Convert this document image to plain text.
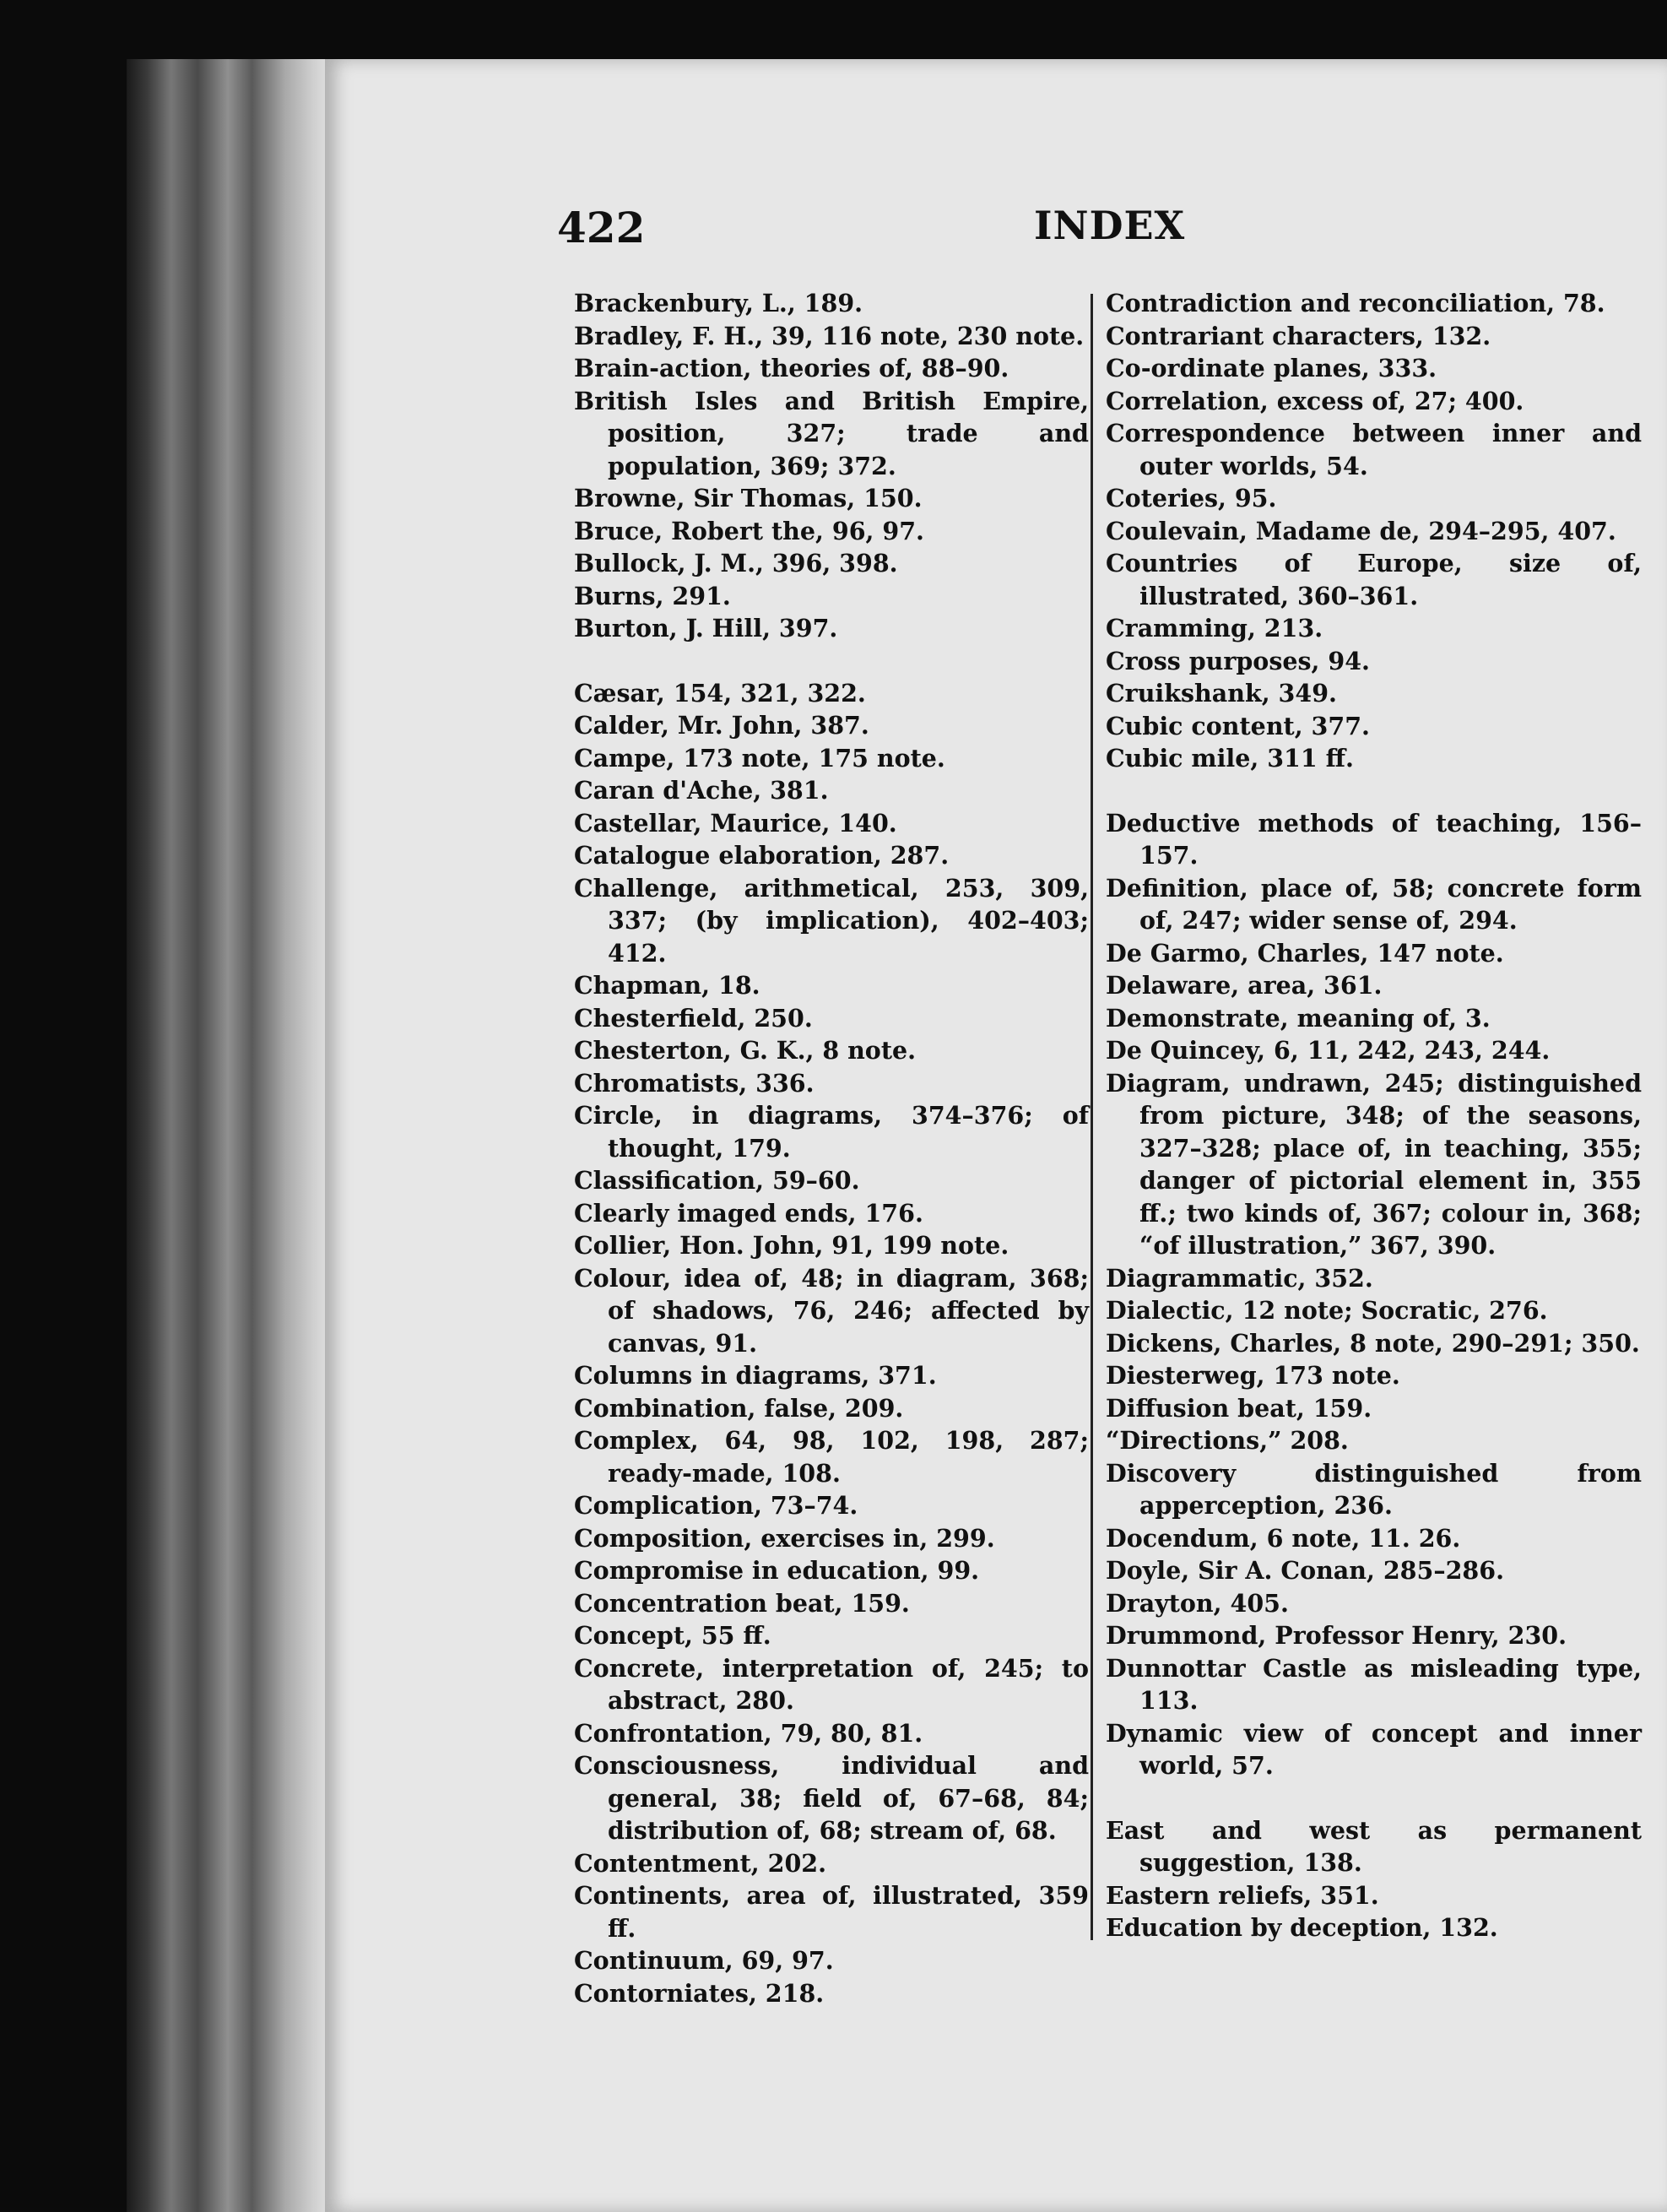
422	INDEX

Brackenbury, L., 189.

Bradley, F. H., 39, 116 note, 230 note.

Brain-action, theories of, 88–90.

British Isles and British Empire, position, 327; trade and population, 369; 372.

Browne, Sir Thomas, 150.

Bruce, Robert the, 96, 97.

Bullock, J. M., 396, 398.

Burns, 291.

Burton, J. Hill, 397.

Cæsar, 154, 321, 322.

Calder, Mr. John, 387.

Campe, 173 note, 175 note.

Caran d'Ache, 381.

Castellar, Maurice, 140.

Catalogue elaboration, 287.

Challenge, arithmetical, 253, 309, 337; (by implication), 402–403; 412.

Chapman, 18.

Chesterfield, 250.

Chesterton, G. K., 8 note.

Chromatists, 336.

Circle, in diagrams, 374–376; of thought, 179.

Classification, 59–60.

Clearly imaged ends, 176.

Collier, Hon. John, 91, 199 note.

Colour, idea of, 48; in diagram, 368; of shadows, 76, 246; affected by canvas, 91.

Columns in diagrams, 371.

Combination, false, 209.

Complex, 64, 98, 102, 198, 287; ready-made, 108.

Complication, 73–74.

Composition, exercises in, 299.

Compromise in education, 99.

Concentration beat, 159.

Concept, 55 ff.

Concrete, interpretation of, 245; to abstract, 280.

Confrontation, 79, 80, 81.

Consciousness, individual and general, 38; field of, 67–68, 84; distribution of, 68; stream of, 68.

Contentment, 202.

Continents, area of, illustrated, 359 ff.

Continuum, 69, 97.

Contorniates, 218.

Contradiction and reconciliation, 78.

Contrariant characters, 132.

Co-ordinate planes, 333.

Correlation, excess of, 27; 400.

Correspondence between inner and outer worlds, 54.

Coteries, 95.

Coulevain, Madame de, 294–295, 407.

Countries of Europe, size of, illustrated, 360–361.

Cramming, 213.

Cross purposes, 94.

Cruikshank, 349.

Cubic content, 377.

Cubic mile, 311 ff.

Deductive methods of teaching, 156–157.

Definition, place of, 58; concrete form of, 247; wider sense of, 294.

De Garmo, Charles, 147 note.

Delaware, area, 361.

Demonstrate, meaning of, 3.

De Quincey, 6, 11, 242, 243, 244.

Diagram, undrawn, 245; distinguished from picture, 348; of the seasons, 327–328; place of, in teaching, 355; danger of pictorial element in, 355 ff.; two kinds of, 367; colour in, 368; “of illustration,” 367, 390.

Diagrammatic, 352.

Dialectic, 12 note; Socratic, 276.

Dickens, Charles, 8 note, 290–291; 350.

Diesterweg, 173 note.

Diffusion beat, 159.

“Directions,” 208.

Discovery distinguished from apperception, 236.

Docendum, 6 note, 11. 26.

Doyle, Sir A. Conan, 285–286.

Drayton, 405.

Drummond, Professor Henry, 230.

Dunnottar Castle as misleading type, 113.

Dynamic view of concept and inner world, 57.

East and west as permanent suggestion, 138.

Eastern reliefs, 351.

Education by deception, 132.
